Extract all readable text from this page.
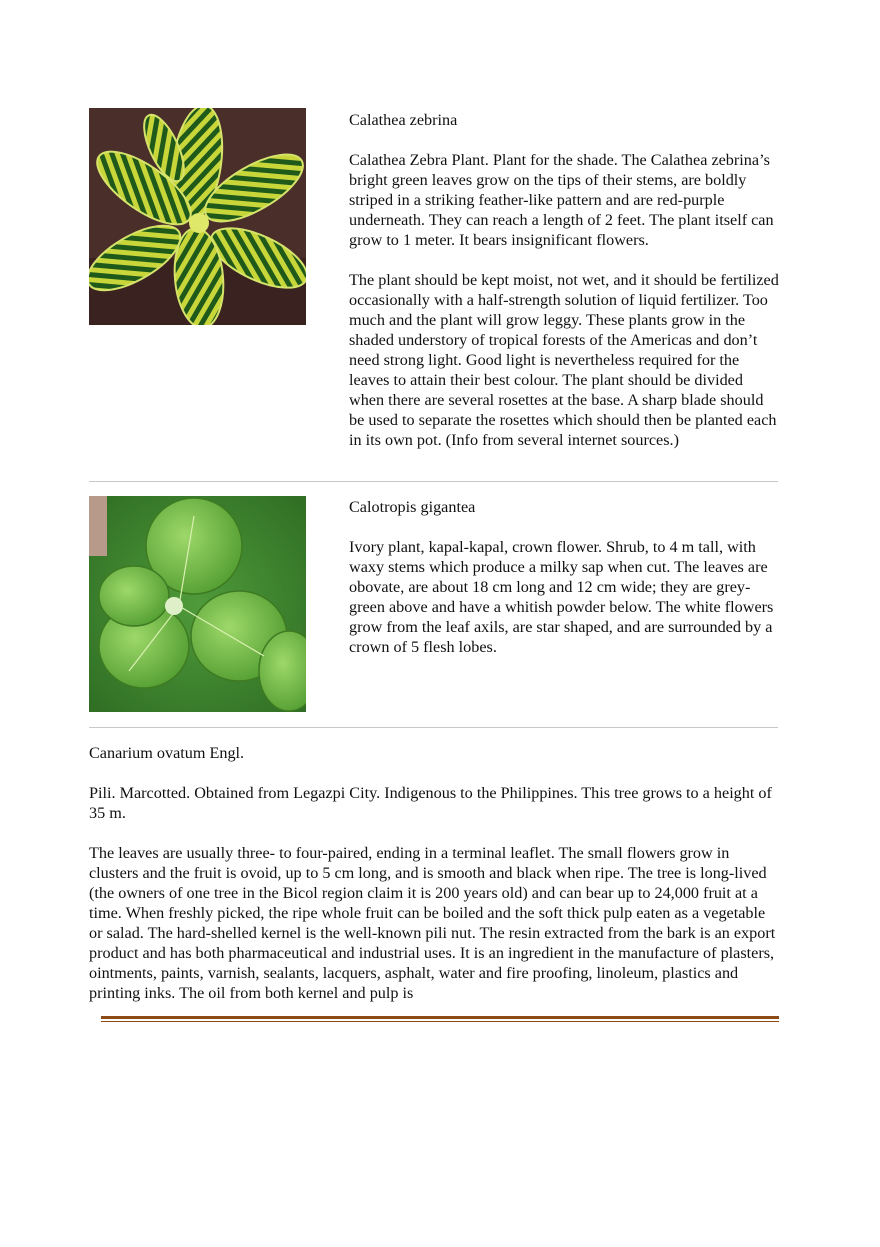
Calathea zebrina

Calathea Zebra Plant. Plant for the shade. The Calathea zebrina’s bright green leaves grow on the tips of their stems, are boldly striped in a striking feather-like pattern and are red-purple underneath. They can reach a length of 2 feet. The plant itself can grow to 1 meter. It bears insignificant flowers.

The plant should be kept moist, not wet, and it should be fertilized occasionally with a half-strength solution of liquid fertilizer. Too much and the plant will grow leggy. These plants grow in the shaded understory of tropical forests of the Americas and don’t need strong light. Good light is nevertheless required for the leaves to attain their best colour. The plant should be divided when there are several rosettes at the base. A sharp blade should be used to separate the rosettes which should then be planted each in its own pot. (Info from several internet sources.)

Calotropis gigantea

Ivory plant, kapal-kapal, crown flower. Shrub, to 4 m tall, with waxy stems which produce a milky sap when cut. The leaves are obovate, are about 18 cm long and 12 cm wide; they are grey-green above and have a whitish powder below. The white flowers grow from the leaf axils, are star shaped, and are surrounded by a crown of 5 flesh lobes.

Canarium ovatum Engl.

Pili. Marcotted. Obtained from Legazpi City. Indigenous to the Philippines. This tree grows to a height of 35 m.

The leaves are usually three- to four-paired, ending in a terminal leaflet. The small flowers grow in clusters and the fruit is ovoid, up to 5 cm long, and is smooth and black when ripe. The tree is long-lived (the owners of one tree in the Bicol region claim it is 200 years old) and can bear up to 24,000 fruit at a time. When freshly picked, the ripe whole fruit can be boiled and the soft thick pulp eaten as a vegetable or salad. The hard-shelled kernel is the well-known pili nut. The resin extracted from the bark is an export product and has both pharmaceutical and industrial uses. It is an ingredient in the manufacture of plasters, ointments, paints, varnish, sealants, lacquers, asphalt, water and fire proofing, linoleum, plastics and printing inks. The oil from both kernel and pulp is
